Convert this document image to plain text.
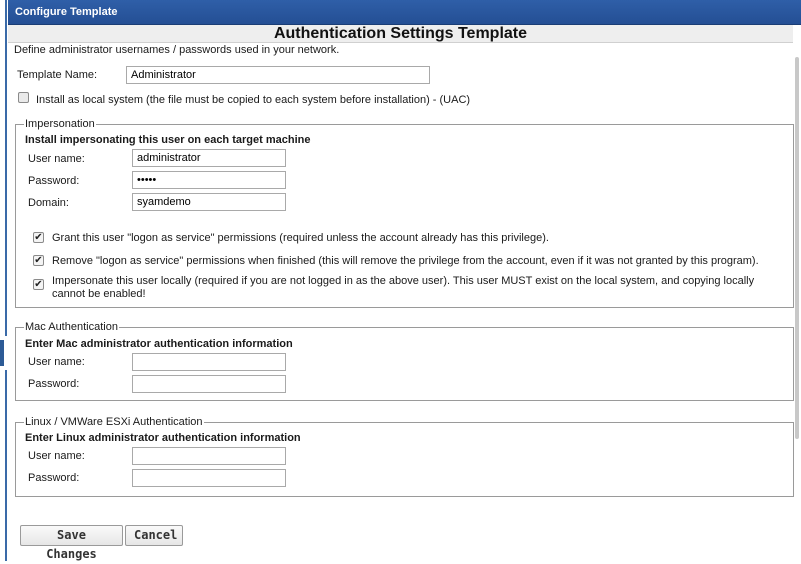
Configure Template
Authentication Settings Template
Define administrator usernames / passwords used in your network.
Template Name:
Administrator
Install as local system (the file must be copied to each system before installation) - (UAC)
Impersonation
Install impersonating this user on each target machine
User name:
administrator
Password:
•••••
Domain:
syamdemo
✔ Grant this user "logon as service" permissions (required unless the account already has this privilege).
✔ Remove "logon as service" permissions when finished (this will remove the privilege from the account, even if it was not granted by this program).
✔ Impersonate this user locally (required if you are not logged in as the above user). This user MUST exist on the local system, and copying locally cannot be enabled!
Mac Authentication
Enter Mac administrator authentication information
User name:
Password:
Linux / VMWare ESXi Authentication
Enter Linux administrator authentication information
User name:
Password:
Save Changes
Cancel
